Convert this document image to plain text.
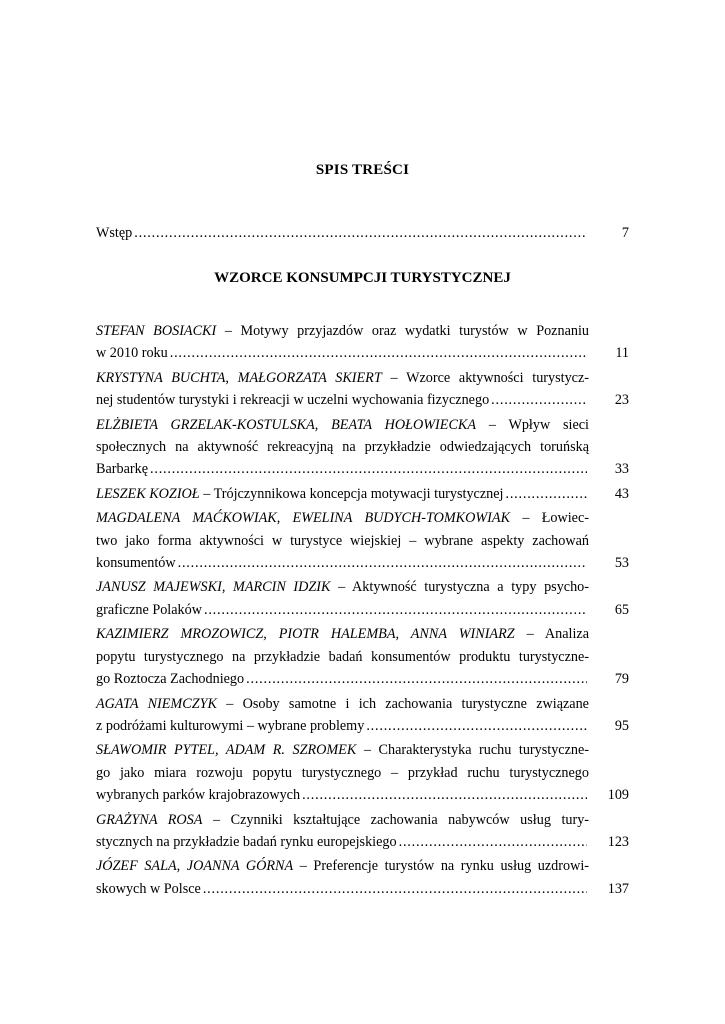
SPIS TREŚCI
Wstęp .....	7
WZORCE KONSUMPCJI TURYSTYCZNEJ
STEFAN BOSIACKI – Motywy przyjazdów oraz wydatki turystów w Poznaniu
w 2010 roku .....	11
KRYSTYNA BUCHTA, MAŁGORZATA SKIERT – Wzorce aktywności turystycz-
nej studentów turystyki i rekreacji w uczelni wychowania fizycznego .....	23
ELŻBIETA GRZELAK-KOSTULSKA, BEATA HOŁOWIECKA – Wpływ sieci
społecznych na aktywność rekreacyjną na przykładzie odwiedzających toruńską
Barbarkę .....	33
LESZEK KOZIOŁ – Trójczynnikowa koncepcja motywacji turystycznej .....	43
MAGDALENA MAĆKOWIAK, EWELINA BUDYCH-TOMKOWIAK – Łowiec-
two jako forma aktywności w turystyce wiejskiej – wybrane aspekty zachowań
konsumentów .....	53
JANUSZ MAJEWSKI, MARCIN IDZIK – Aktywność turystyczna a typy psycho-
graficzne Polaków .....	65
KAZIMIERZ MROZOWICZ, PIOTR HALEMBA, ANNA WINIARZ – Analiza
popytu turystycznego na przykładzie badań konsumentów produktu turystyczne-
go Roztocza Zachodniego .....	79
AGATA NIEMCZYK – Osoby samotne i ich zachowania turystyczne związane
z podróżami kulturowymi – wybrane problemy .....	95
SŁAWOMIR PYTEL, ADAM R. SZROMEK – Charakterystyka ruchu turystyczne-
go jako miara rozwoju popytu turystycznego – przykład ruchu turystycznego
wybranych parków krajobrazowych .....	109
GRAŻYNA ROSA – Czynniki kształtujące zachowania nabywców usług tury-
stycznych na przykładzie badań rynku europejskiego .....	123
JÓZEF SALA, JOANNA GÓRNA – Preferencje turystów na rynku usług uzdrowi-
skowych w Polsce .....	137
